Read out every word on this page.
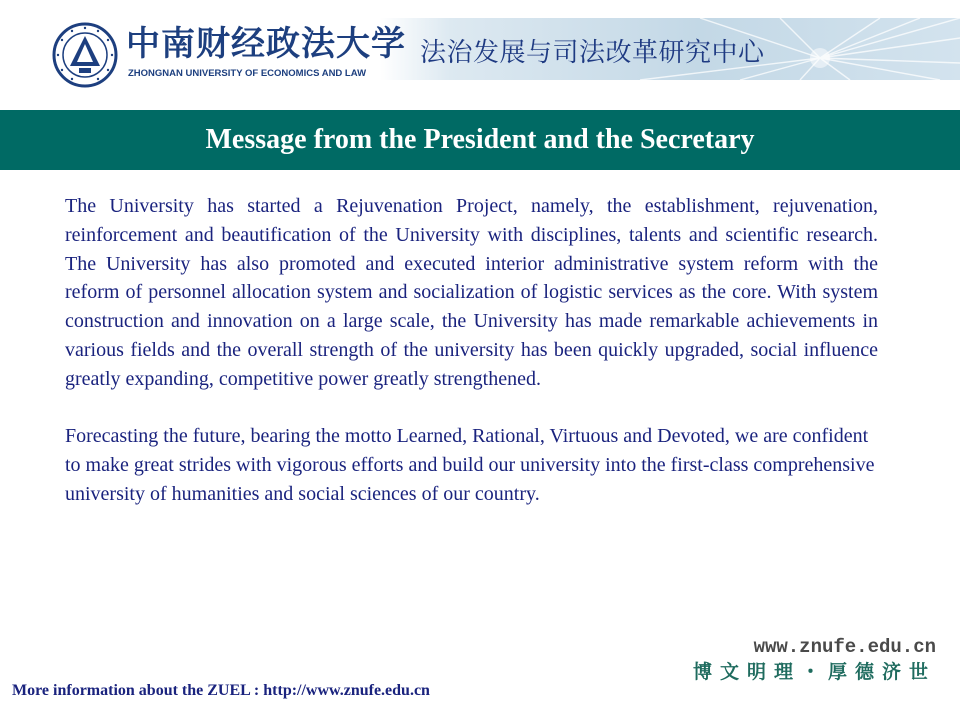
中南财经政法大学

ZHONGNAN UNIVERSITY OF ECONOMICS AND LAW

法治发展与司法改革研究中心

Message from the President and the Secretary

The University has started a Rejuvenation Project, namely, the establishment, rejuvenation, reinforcement and beautification of the University with disciplines, talents and scientific research. The University has also promoted and executed interior administrative system reform with the reform of personnel allocation system and socialization of logistic services as the core. With system construction and innovation on a large scale, the University has made remarkable achievements in various fields and the overall strength of the university has been quickly upgraded, social influence greatly expanding, competitive power greatly strengthened.

Forecasting the future, bearing the motto Learned, Rational, Virtuous and Devoted, we are confident to make great strides with vigorous efforts and build our university into the first-class comprehensive university of humanities and social sciences of our country.

www.znufe.edu.cn

博文明理・厚德济世

More information about the ZUEL : http://www.znufe.edu.cn
